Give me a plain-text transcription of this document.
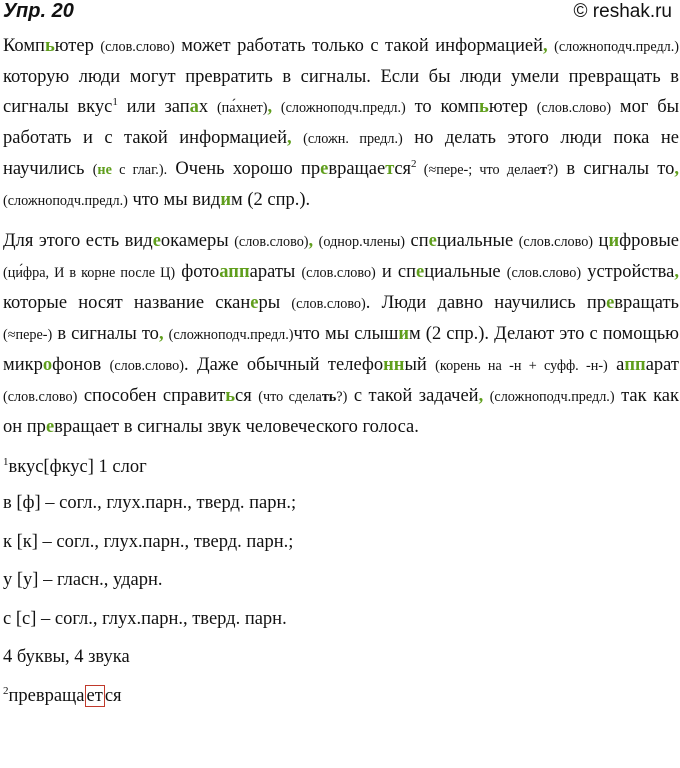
Упр. 20	© reshak.ru
Компьютер (слов.слово) может работать только с такой информацией, (сложноподч.предл.) которую люди могут превратить в сигналы. Если бы люди умели превращать в сигналы вкус$^1$ или запах (па́хнет), (сложноподч.предл.) то компьютер (слов.слово) мог бы работать и с такой информацией, (сложн. предл.) но делать этого люди пока не научились (не с глаг.). Очень хорошо превращается$^2$ (≈пере-; что делает?) в сигналы то, (сложноподч.предл.) что мы видим (2 спр.).
Для этого есть видеокамеры (слов.слово), (однор.члены) специальные (слов.слово) цифровые (ци́фра, И в корне после Ц) фотоаппараты (слов.слово) и специальные (слов.слово) устройства, которые носят название сканеры (слов.слово). Люди давно научились превращать (≈пере-) в сигналы то, (сложноподч.предл.)что мы слышим (2 спр.). Делают это с помощью микрофонов (слов.слово). Даже обычный телефонный (корень на -н + суфф. -н-) аппарат (слов.слово) способен справиться (что сделать?) с такой задачей, (сложноподч.предл.) так как он превращает в сигналы звук человеческого голоса.
$^1$вкус[фкус] 1 слог
в [ф] – согл., глух.парн., тверд. парн.;
к [к] – согл., глух.парн., тверд. парн.;
у [у] – гласн., ударн.
с [с] – согл., глух.парн., тверд. парн.
4 буквы, 4 звука
$^2$превраща ет ся
